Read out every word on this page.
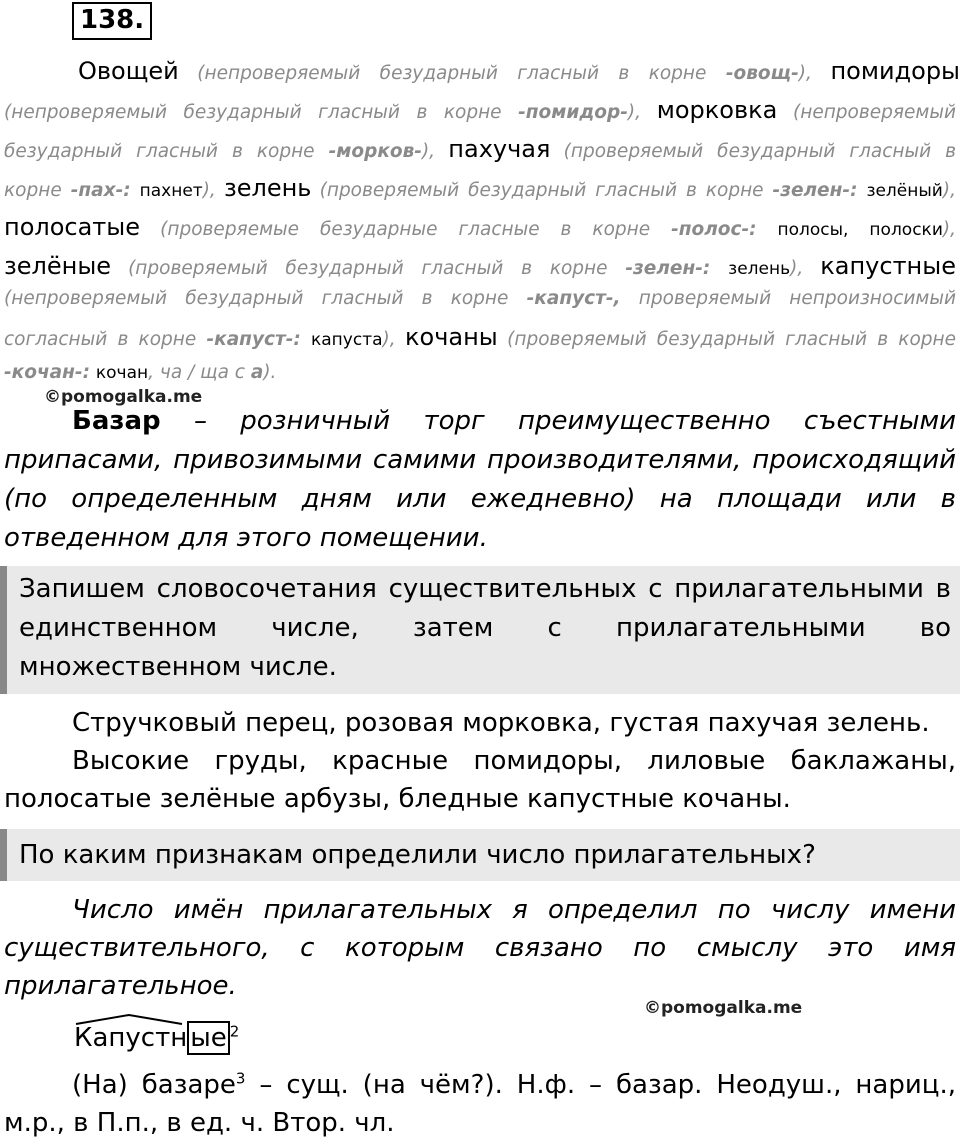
138.
Овощей (непроверяемый безударный гласный в корне -овощ-), помидоры
(непроверяемый безударный гласный в корне -помидор-), морковка (непроверяемый
безударный гласный в корне -морков-), пахучая (проверяемый безударный гласный в
корне -пах-: пахнет), зелень (проверяемый безударный гласный в корне -зелен-: зелёный),
полосатые (проверяемые безударные гласные в корне -полос-: полосы, полоски),
зелёные (проверяемый безударный гласный в корне -зелен-: зелень), капустные
(непроверяемый безударный гласный в корне -капуст-, проверяемый непроизносимый
согласный в корне -капуст-: капуста), кочаны (проверяемый безударный гласный в корне
-кочан-: кочан, ча / ща с а).
©pomogalka.me
Базар – розничный торг преимущественно съестными припасами, привозимыми самими производителями, происходящий (по определенным дням или ежедневно) на площади или в отведенном для этого помещении.
Запишем словосочетания существительных с прилагательными в единственном числе, затем с прилагательными во множественном числе.
Стручковый перец, розовая морковка, густая пахучая зелень.
Высокие груды, красные помидоры, лиловые баклажаны, полосатые зелёные арбузы, бледные капустные кочаны.
По каким признакам определили число прилагательных?
Число имён прилагательных я определил по числу имени существительного, с которым связано по смыслу это имя прилагательное.
©pomogalka.me
Капустн ые $^2$
(На) базаре$^3$ – сущ. (на чём?). Н.ф. – базар. Неодуш., нариц., м.р., в П.п., в ед. ч. Втор. чл.
